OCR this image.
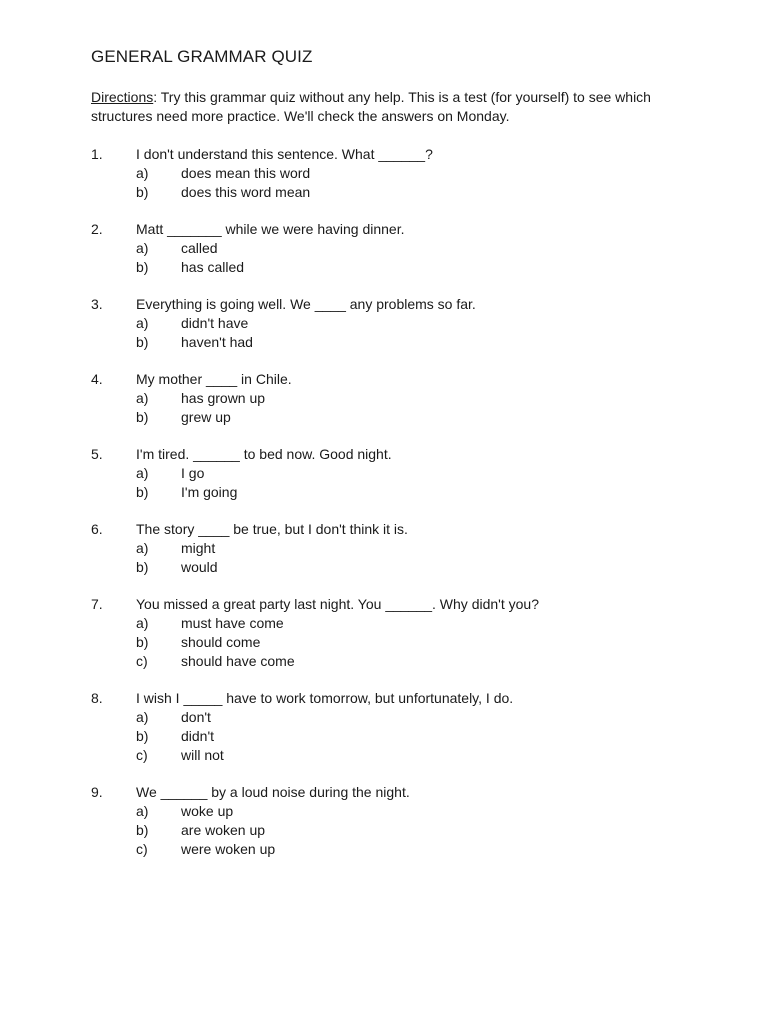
GENERAL GRAMMAR QUIZ

Directions: Try this grammar quiz without any help. This is a test (for yourself) to see which structures need more practice. We'll check the answers on Monday.

1.	I don't understand this sentence. What ______?
a)	does mean this word
b)	does this word mean
2.	Matt _______ while we were having dinner.
a)	called
b)	has called
3.	Everything is going well. We ____ any problems so far.
a)	didn't have
b)	haven't had
4.	My mother ____ in Chile.
a)	has grown up
b)	grew up
5.	I'm tired. ______ to bed now. Good night.
a)	I go
b)	I'm going
6.	The story ____ be true, but I don't think it is.
a)	might
b)	would
7.	You missed a great party last night. You ______. Why didn't you?
a)	must have come
b)	should come
c)	should have come
8.	I wish I _____ have to work tomorrow, but unfortunately, I do.
a)	don't
b)	didn't
c)	will not
9.	We ______ by a loud noise during the night.
a)	woke up
b)	are woken up
c)	were woken up
